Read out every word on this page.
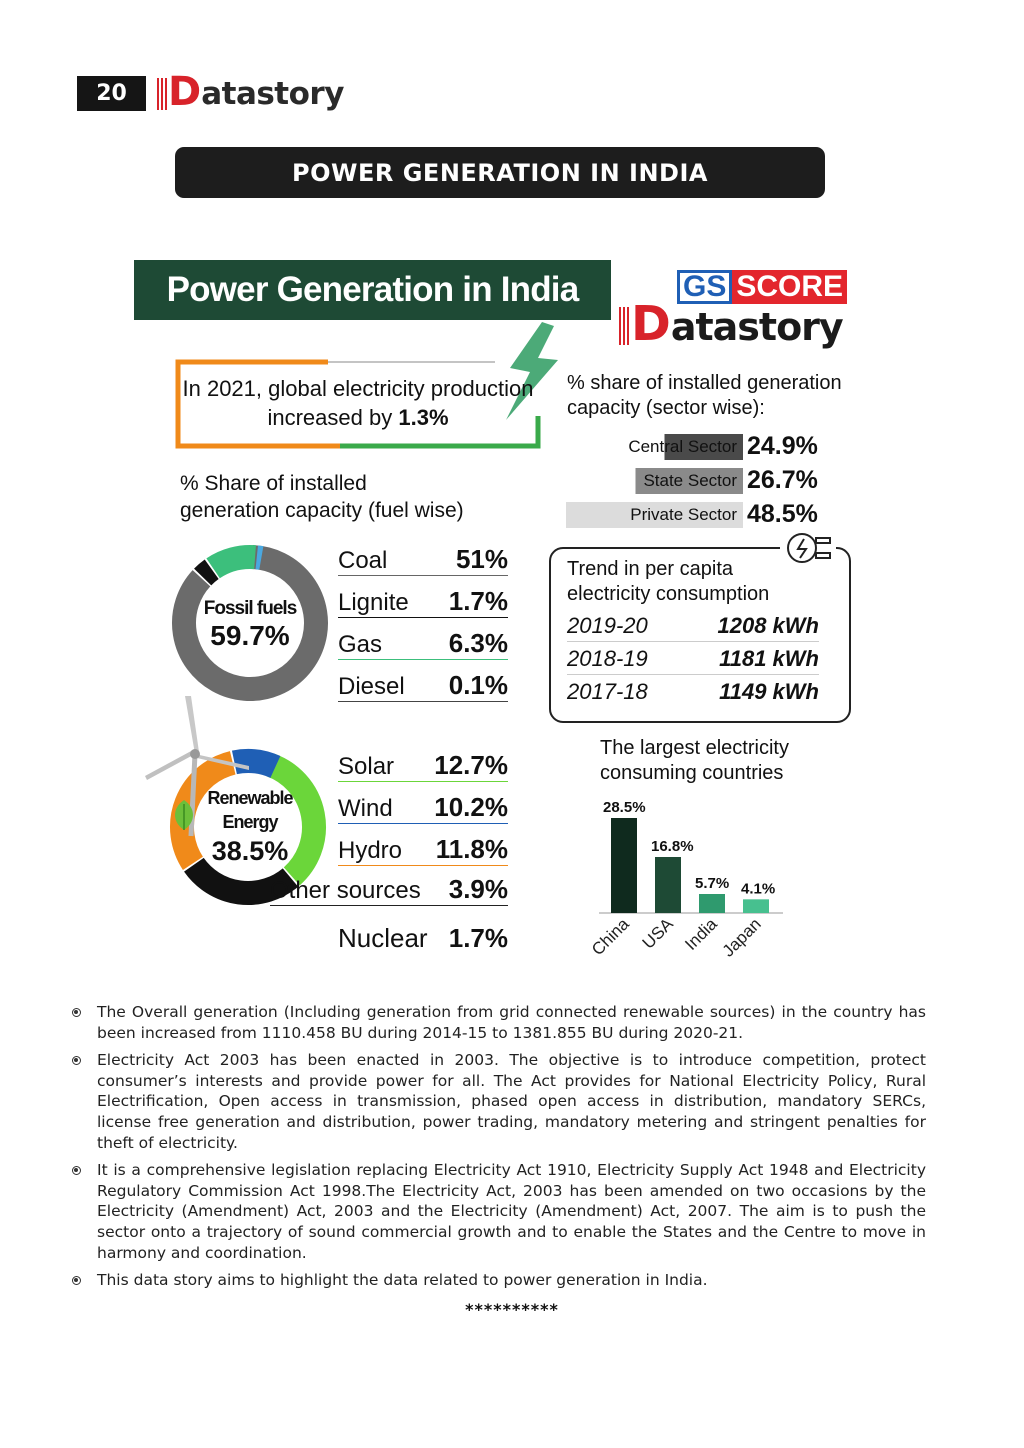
20	D atastory
POWER GENERATION IN INDIA
Power Generation in India	GS SCORE
D atastory
In 2021, global electricity production increased by 1.3%
% share of installed generation
capacity (sector wise):
Central Sector 24.9%
State Sector 26.7%
Private Sector 48.5%
% Share of installed
generation capacity (fuel wise)
Fossil fuels
59.7%
Coal	51%
Lignite 1.7%
Gas	6.3%
Diesel 0.1%
Renewable
Energy
38.5%
Solar 12.7%
Wind 10.2%
Hydro 11.8%
Other sources 3.9%
Nuclear 1.7%
Trend in per capita
electricity consumption
2019-20	1208 kWh
2018-19	1181 kWh
2017-18	1149 kWh
The largest electricity
consuming countries
28.5%
China
16.8%
USA
5.7%
India
4.1%
Japan
The Overall generation (Including generation from grid connected renewable sources) in the country has been increased from 1110.458 BU during 2014-15 to 1381.855 BU during 2020-21.
Electricity Act 2003 has been enacted in 2003. The objective is to introduce competition, protect consumer’s interests and provide power for all. The Act provides for National Electricity Policy, Rural Electrification, Open access in transmission, phased open access in distribution, mandatory SERCs, license free generation and distribution, power trading, mandatory metering and stringent penalties for theft of electricity.
It is a comprehensive legislation replacing Electricity Act 1910, Electricity Supply Act 1948 and Electricity Regulatory Commission Act 1998.The Electricity Act, 2003 has been amended on two occasions by the Electricity (Amendment) Act, 2003 and the Electricity (Amendment) Act, 2007. The aim is to push the sector onto a trajectory of sound commercial growth and to enable the States and the Centre to move in harmony and coordination.
This data story aims to highlight the data related to power generation in India.
**********
